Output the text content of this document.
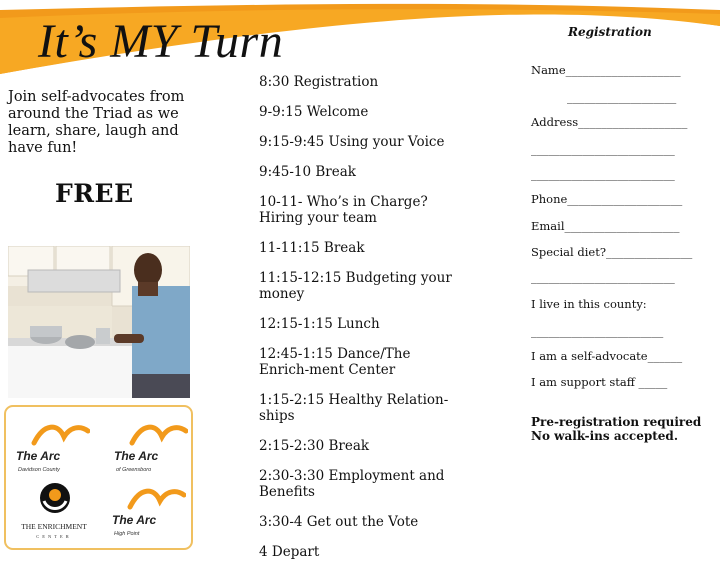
It’s MY Turn

Join self-advocates from around the Triad as we learn, share, laugh and have fun!

FREE

The Arc
Davidson County
The Arc
of Greensboro
THE ENRICHMENT
CENTER
The Arc
High Point
8:30 Registration
9-9:15 Welcome
9:15-9:45 Using your Voice
9:45-10 Break
10-11- Who’s in Charge? Hiring your team
11-11:15 Break
11:15-12:15 Budgeting your money
12:15-1:15 Lunch
12:45-1:15 Dance/The Enrich-ment Center
1:15-2:15 Healthy Relation-ships
2:15-2:30 Break
2:30-3:30 Employment and Benefits
3:30-4 Get out the Vote
4 Depart

Registration

Name____________________

___________________

Address___________________

_________________________

_________________________

Phone____________________

Email____________________

Special diet?_______________

_________________________

I live in this county:

_______________________

I am a self-advocate______

I am support staff _____

Pre-registration required
No walk-ins accepted.
